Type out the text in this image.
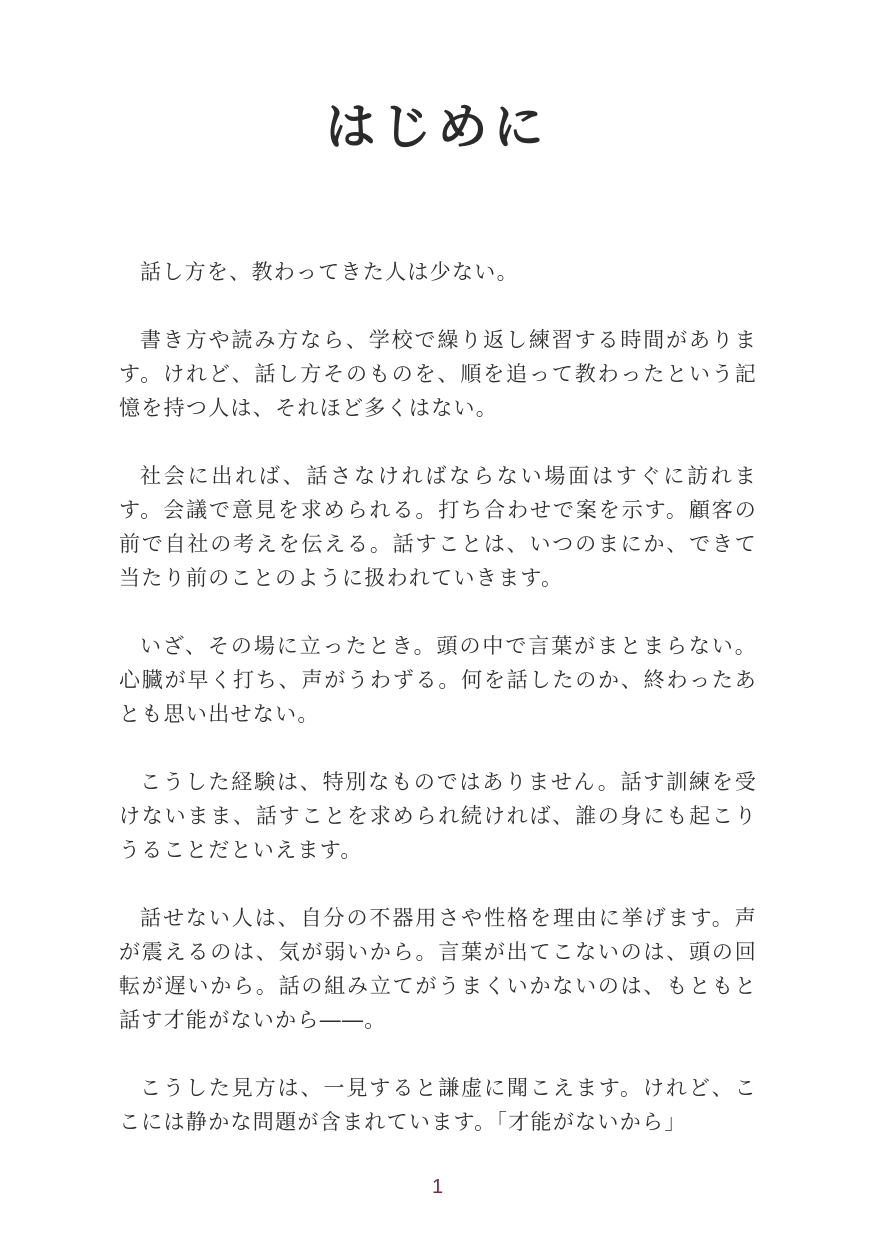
はじめに

話し方を、教わってきた人は少ない。

書き方や読み方なら、学校で繰り返し練習する時間があります。けれど、話し方そのものを、順を追って教わったという記憶を持つ人は、それほど多くはない。

社会に出れば、話さなければならない場面はすぐに訪れます。会議で意見を求められる。打ち合わせで案を示す。顧客の前で自社の考えを伝える。話すことは、いつのまにか、できて当たり前のことのように扱われていきます。

いざ、その場に立ったとき。頭の中で言葉がまとまらない。心臓が早く打ち、声がうわずる。何を話したのか、終わったあとも思い出せない。

こうした経験は、特別なものではありません。話す訓練を受けないまま、話すことを求められ続ければ、誰の身にも起こりうることだといえます。

話せない人は、自分の不器用さや性格を理由に挙げます。声が震えるのは、気が弱いから。言葉が出てこないのは、頭の回転が遅いから。話の組み立てがうまくいかないのは、もともと話す才能がないから――。

こうした見方は、一見すると謙虚に聞こえます。けれど、ここには静かな問題が含まれています。「才能がないから」

1
